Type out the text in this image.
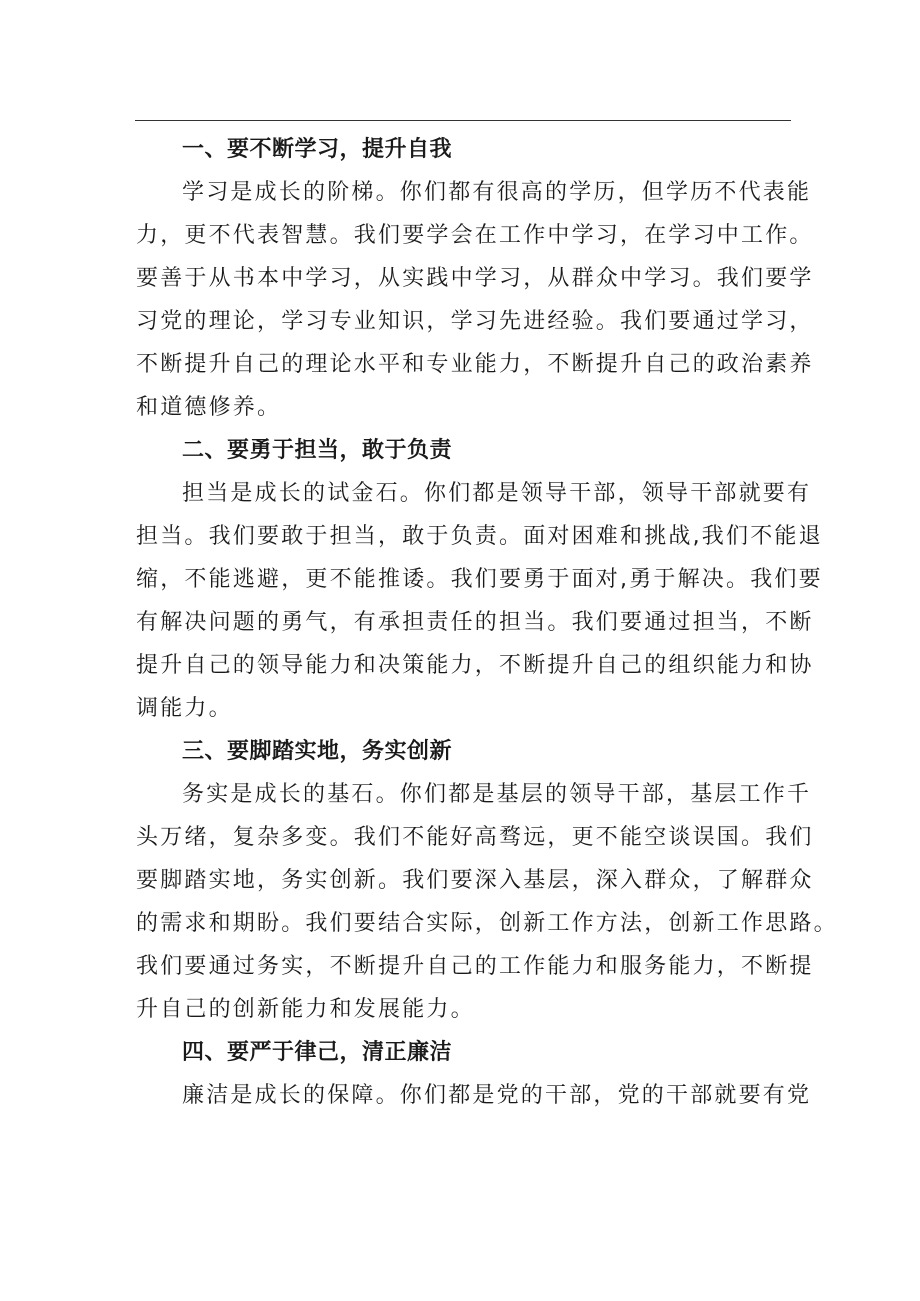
一、要不断学习，提升自我

学习是成长的阶梯。你们都有很高的学历，但学历不代表能
力，更不代表智慧。我们要学会在工作中学习，在学习中工作。
要善于从书本中学习，从实践中学习，从群众中学习。我们要学
习党的理论，学习专业知识，学习先进经验。我们要通过学习，
不断提升自己的理论水平和专业能力，不断提升自己的政治素养
和道德修养。

二、要勇于担当，敢于负责

担当是成长的试金石。你们都是领导干部，领导干部就要有
担当。我们要敢于担当，敢于负责。面对困难和挑战,我们不能退
缩，不能逃避，更不能推诿。我们要勇于面对,勇于解决。我们要
有解决问题的勇气，有承担责任的担当。我们要通过担当，不断
提升自己的领导能力和决策能力，不断提升自己的组织能力和协
调能力。

三、要脚踏实地，务实创新

务实是成长的基石。你们都是基层的领导干部，基层工作千
头万绪，复杂多变。我们不能好高骛远，更不能空谈误国。我们
要脚踏实地，务实创新。我们要深入基层，深入群众，了解群众
的需求和期盼。我们要结合实际，创新工作方法，创新工作思路。
我们要通过务实，不断提升自己的工作能力和服务能力，不断提
升自己的创新能力和发展能力。

四、要严于律己，清正廉洁

廉洁是成长的保障。你们都是党的干部，党的干部就要有党
